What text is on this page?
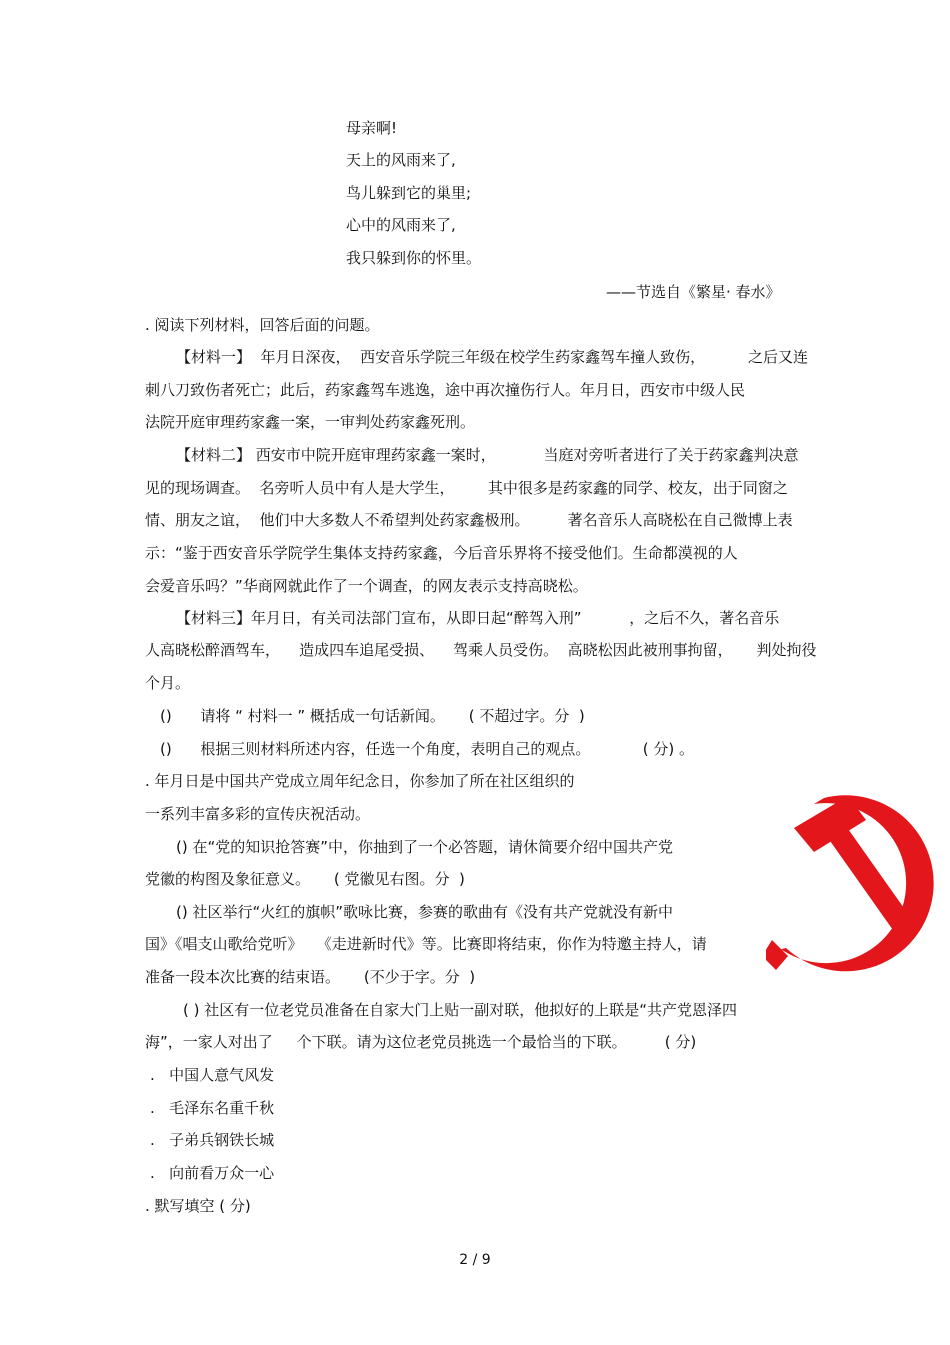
母亲啊!
天上的风雨来了,
鸟儿躲到它的巢里;
心中的风雨来了,
我只躲到你的怀里。
——节选自《繁星· 春水》
. 阅读下列材料，回答后面的问题。
【材料一】  年月日深夜，  西安音乐学院三年级在校学生药家鑫驾车撞人致伤，         之后又连
刺八刀致伤者死亡；此后，药家鑫驾车逃逸，途中再次撞伤行人。年月日，西安市中级人民
法院开庭审理药家鑫一案，一审判处药家鑫死刑。
【材料二】 西安市中院开庭审理药家鑫一案时，          当庭对旁听者进行了关于药家鑫判决意
见的现场调查。  名旁听人员中有人是大学生，       其中很多是药家鑫的同学、校友，出于同窗之
情、朋友之谊，  他们中大多数人不希望判处药家鑫极刑。        著名音乐人高晓松在自己微博上表
示：“鉴于西安音乐学院学生集体支持药家鑫，今后音乐界将不接受他们。生命都漠视的人
会爱音乐吗？”华商网就此作了一个调查，的网友表示支持高晓松。
【材料三】年月日，有关司法部门宣布，从即日起“醉驾入刑”          ，之后不久，著名音乐
人高晓松醉酒驾车，    造成四车追尾受损、    驾乘人员受伤。  高晓松因此被刑事拘留，     判处拘役
个月。
()      请将 “ 村料一 ” 概括成一句话新闻。     ( 不超过字。分  )
()      根据三则材料所述内容，任选一个角度，表明自己的观点。           ( 分) 。
. 年月日是中国共产党成立周年纪念日，你参加了所在社区组织的
一系列丰富多彩的宣传庆祝活动。
() 在“党的知识抢答赛”中，你抽到了一个必答题，请休简要介绍中国共产党
党徽的构图及象征意义。     ( 党徽见右图。分  )
() 社区举行“火红的旗帜”歌咏比赛，参赛的歌曲有《没有共产党就没有新中
国》《唱支山歌给党听》   《走进新时代》等。比赛即将结束，你作为特邀主持人，请
准备一段本次比赛的结束语。     (不少于字。分  )
( ) 社区有一位老党员准备在自家大门上贴一副对联，他拟好的上联是“共产党恩泽四
海”，一家人对出了     个下联。请为这位老党员挑选一个最恰当的下联。        ( 分)
.   中国人意气风发
.   毛泽东名重千秋
.   子弟兵钢铁长城
.   向前看万众一心
. 默写填空 ( 分)
2 / 9
